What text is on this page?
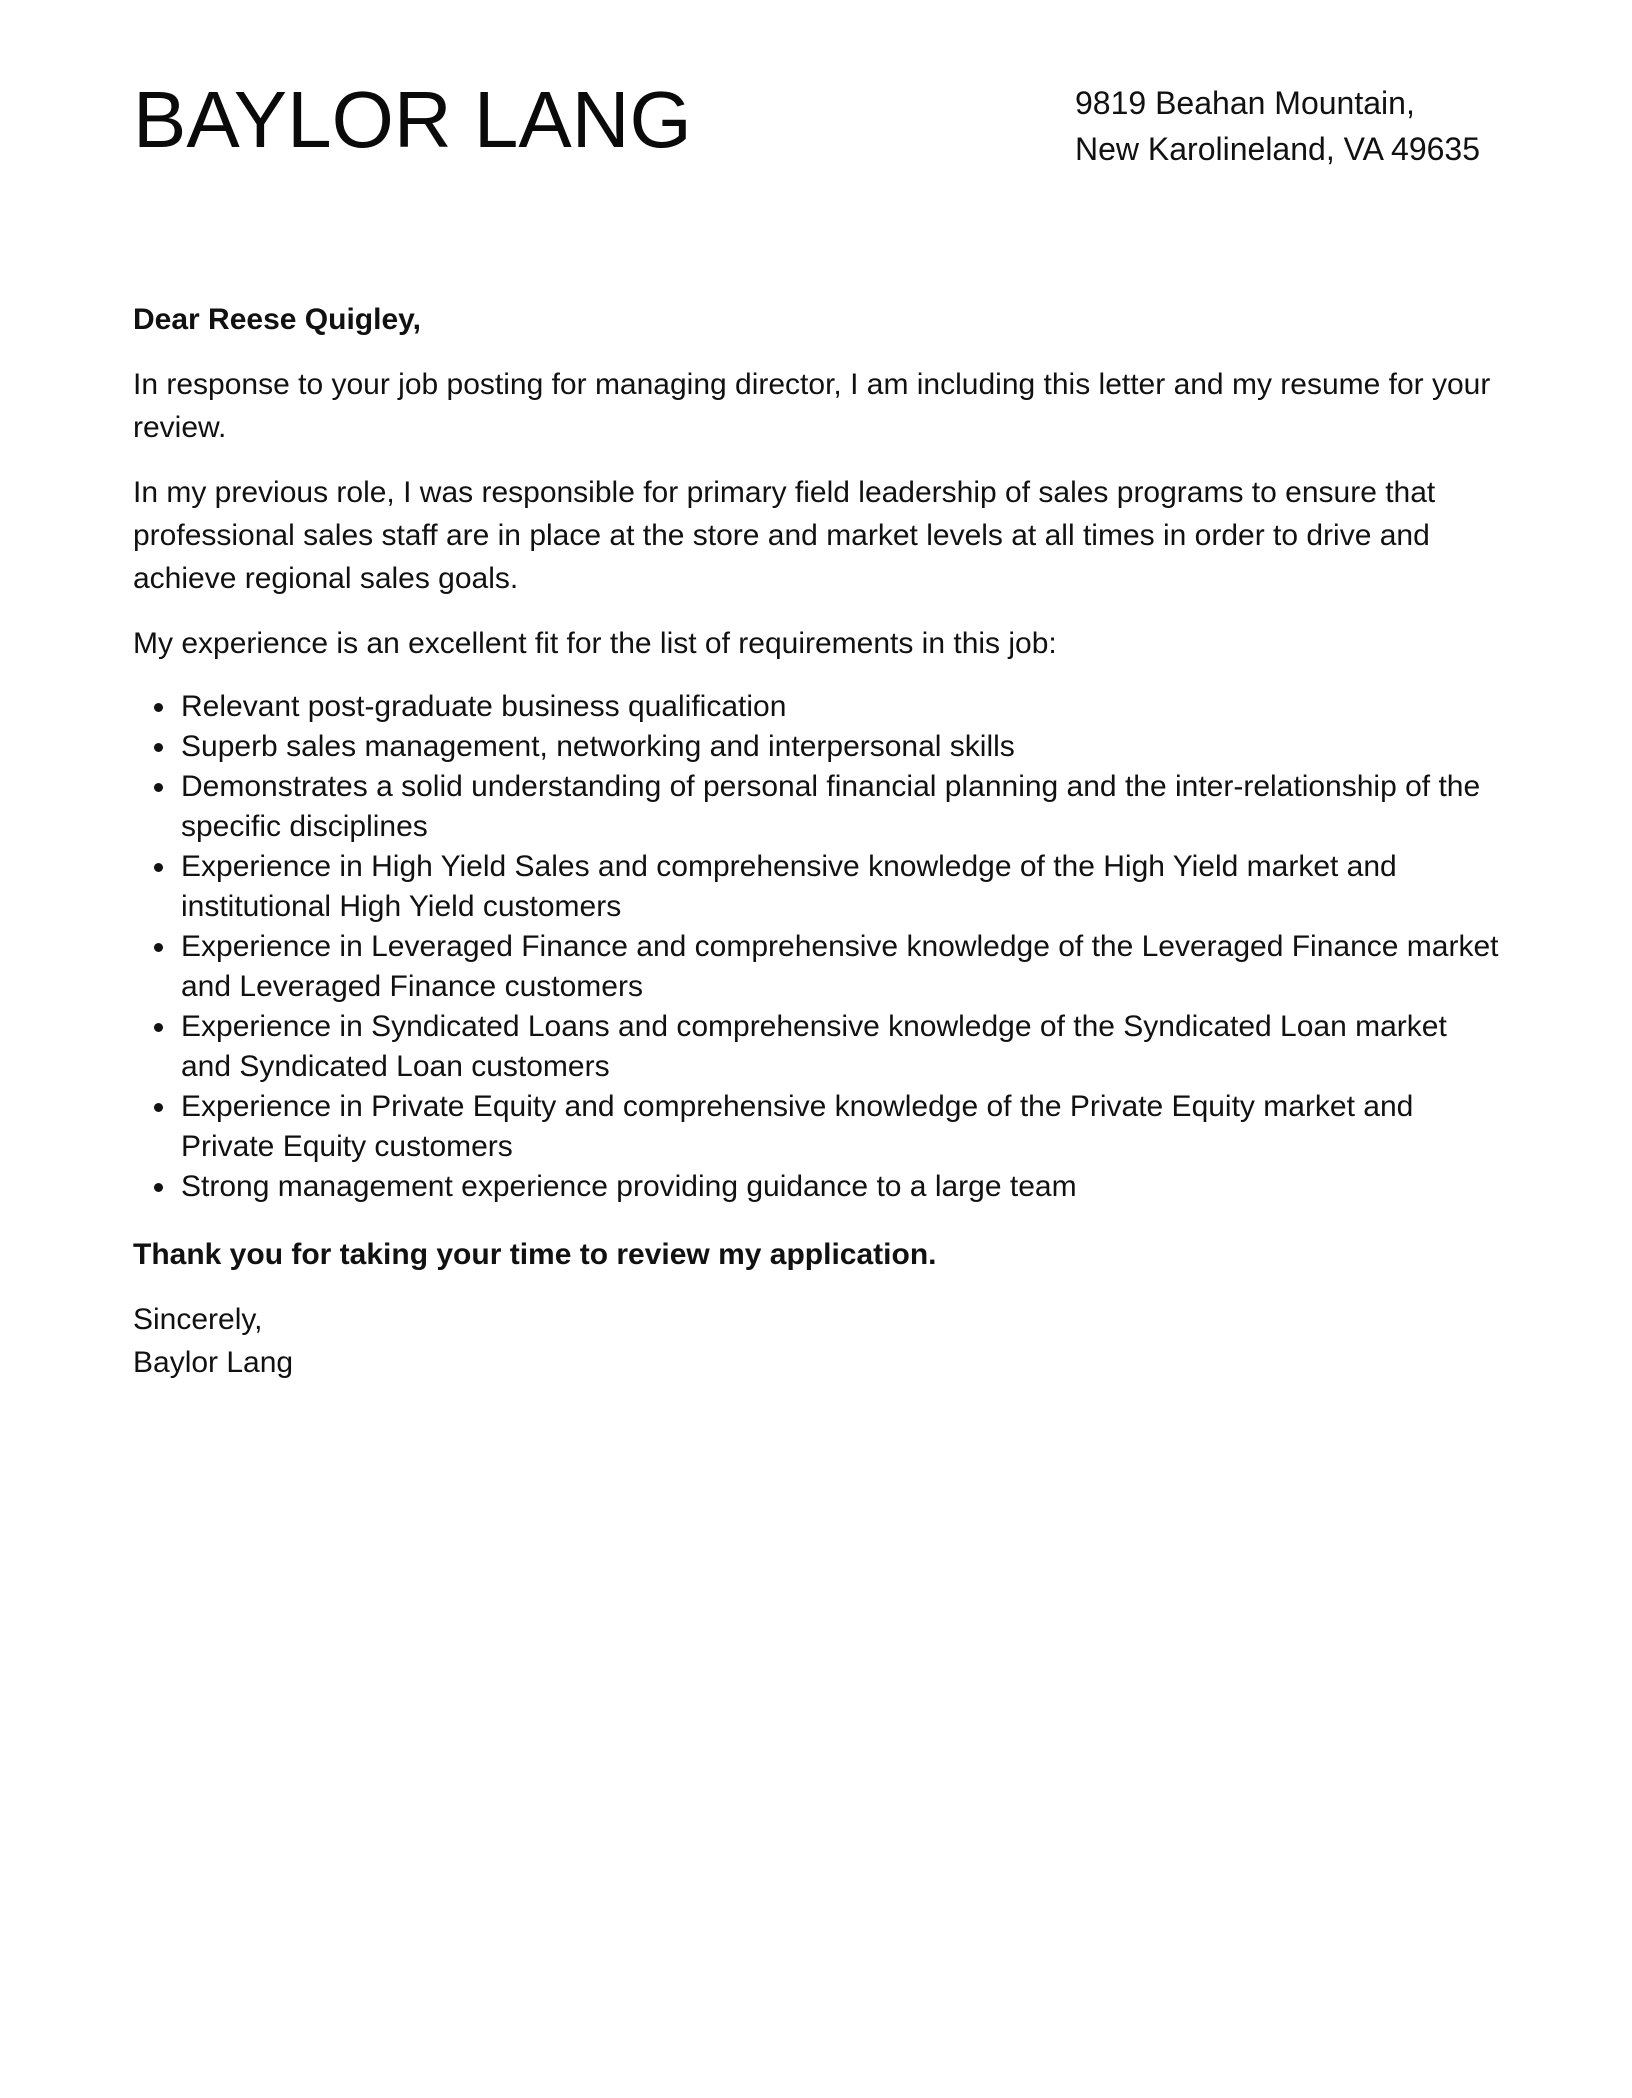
BAYLOR LANG	9819 Beahan Mountain,
New Karolineland, VA 49635

Dear Reese Quigley,

In response to your job posting for managing director, I am including this letter and my resume for your review.

In my previous role, I was responsible for primary field leadership of sales programs to ensure that professional sales staff are in place at the store and market levels at all times in order to drive and achieve regional sales goals.

My experience is an excellent fit for the list of requirements in this job:

Relevant post-graduate business qualification
Superb sales management, networking and interpersonal skills
Demonstrates a solid understanding of personal financial planning and the inter-relationship of the specific disciplines
Experience in High Yield Sales and comprehensive knowledge of the High Yield market and institutional High Yield customers
Experience in Leveraged Finance and comprehensive knowledge of the Leveraged Finance market and Leveraged Finance customers
Experience in Syndicated Loans and comprehensive knowledge of the Syndicated Loan market and Syndicated Loan customers
Experience in Private Equity and comprehensive knowledge of the Private Equity market and Private Equity customers
Strong management experience providing guidance to a large team

Thank you for taking your time to review my application.

Sincerely,
Baylor Lang
